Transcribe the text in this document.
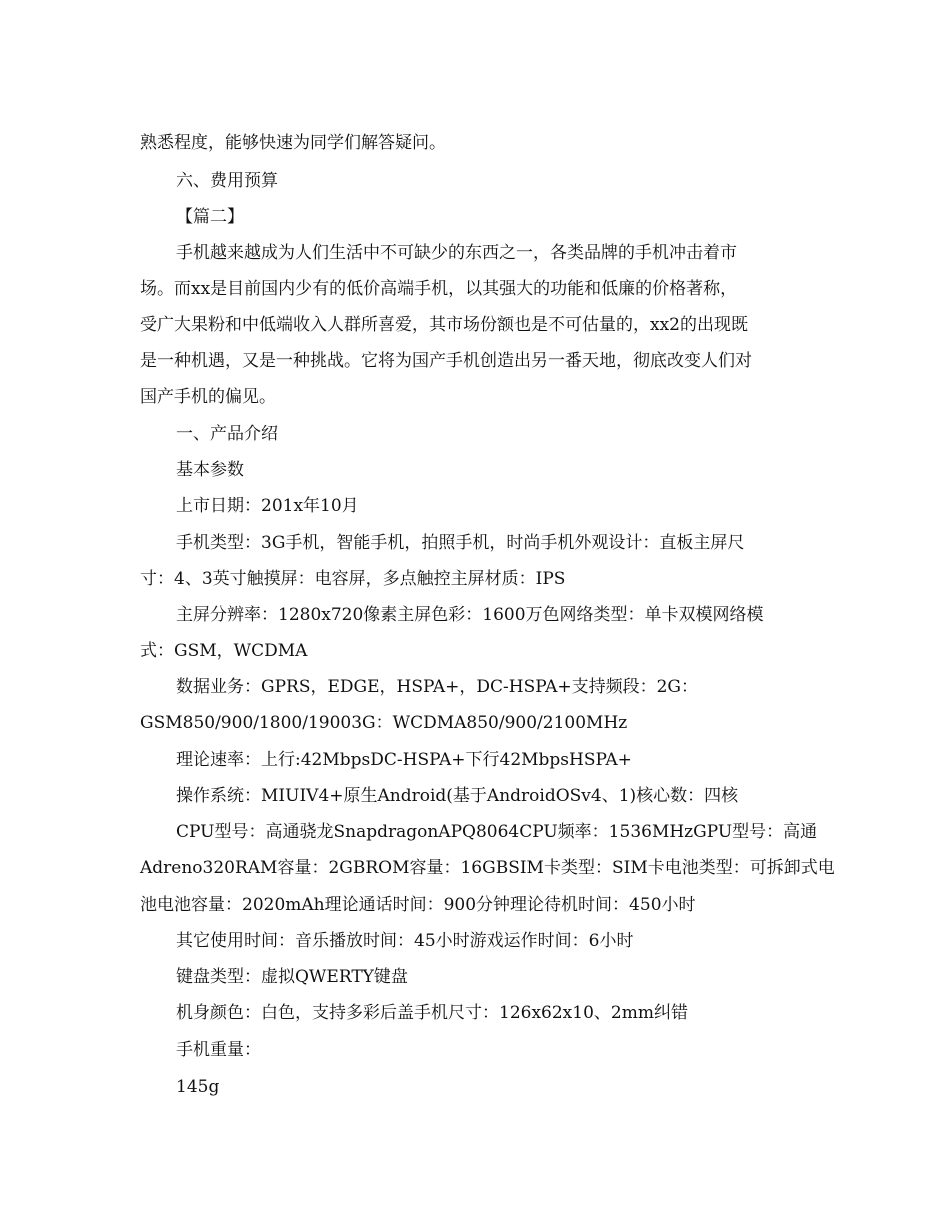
熟悉程度，能够快速为同学们解答疑问。
六、费用预算
【篇二】
手机越来越成为人们生活中不可缺少的东西之一，各类品牌的手机冲击着市
场。而xx是目前国内少有的低价高端手机，以其强大的功能和低廉的价格著称，
受广大果粉和中低端收入人群所喜爱，其市场份额也是不可估量的，xx2的出现既
是一种机遇，又是一种挑战。它将为国产手机创造出另一番天地，彻底改变人们对
国产手机的偏见。
一、产品介绍
基本参数
上市日期：201x年10月
手机类型：3G手机，智能手机，拍照手机，时尚手机外观设计：直板主屏尺
寸：4、3英寸触摸屏：电容屏，多点触控主屏材质：IPS
主屏分辨率：1280x720像素主屏色彩：1600万色网络类型：单卡双模网络模
式：GSM，WCDMA
数据业务：GPRS，EDGE，HSPA+，DC-HSPA+支持频段：2G：
GSM850/900/1800/19003G：WCDMA850/900/2100MHz
理论速率：上行:42MbpsDC-HSPA+下行42MbpsHSPA+
操作系统：MIUIV4+原生Android(基于AndroidOSv4、1)核心数：四核
CPU型号：高通骁龙SnapdragonAPQ8064CPU频率：1536MHzGPU型号：高通
Adreno320RAM容量：2GBROM容量：16GBSIM卡类型：SIM卡电池类型：可拆卸式电
池电池容量：2020mAh理论通话时间：900分钟理论待机时间：450小时
其它使用时间：音乐播放时间：45小时游戏运作时间：6小时
键盘类型：虚拟QWERTY键盘
机身颜色：白色，支持多彩后盖手机尺寸：126x62x10、2mm纠错
手机重量：
145g
